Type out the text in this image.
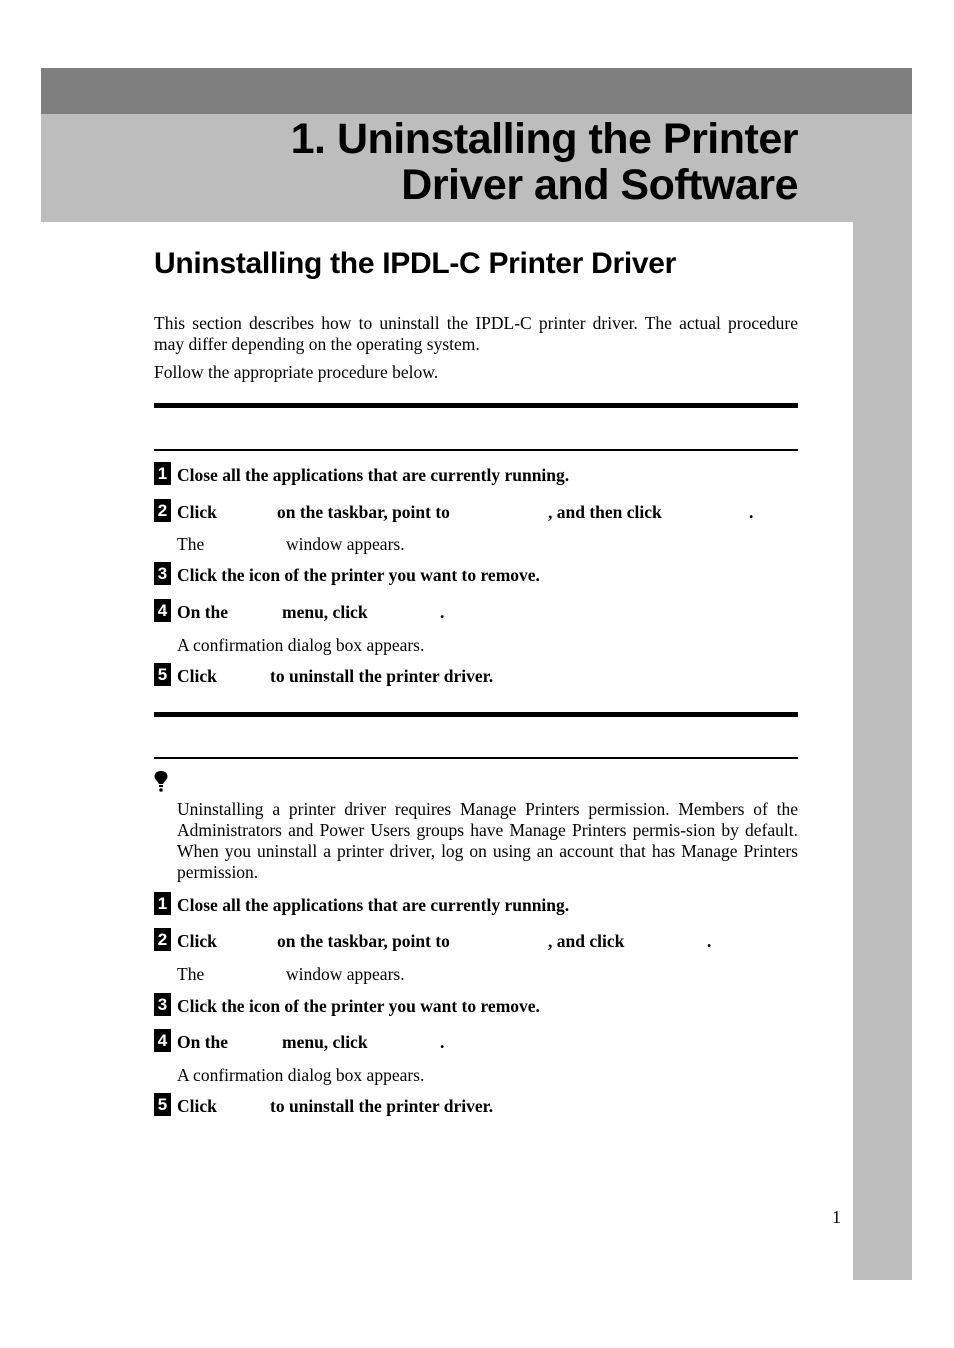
1. Uninstalling the Printer
Driver and Software
Uninstalling the IPDL-C Printer Driver

This section describes how to uninstall the IPDL-C printer driver. The actual procedure may differ depending on the operating system.

Follow the appropriate procedure below.

1 Close all the applications that are currently running.
2 Click	on the taskbar, point to	, and then click	.
The	window appears.
3 Click the icon of the printer you want to remove.
4 On the	menu, click	.
A confirmation dialog box appears.
5 Click	to uninstall the printer driver.

Uninstalling a printer driver requires Manage Printers permission. Members of the Administrators and Power Users groups have Manage Printers permis-sion by default. When you uninstall a printer driver, log on using an account that has Manage Printers permission.

1 Close all the applications that are currently running.
2 Click	on the taskbar, point to	, and click	.
The	window appears.
3 Click the icon of the printer you want to remove.
4 On the	menu, click	.
A confirmation dialog box appears.
5 Click	to uninstall the printer driver.
1
